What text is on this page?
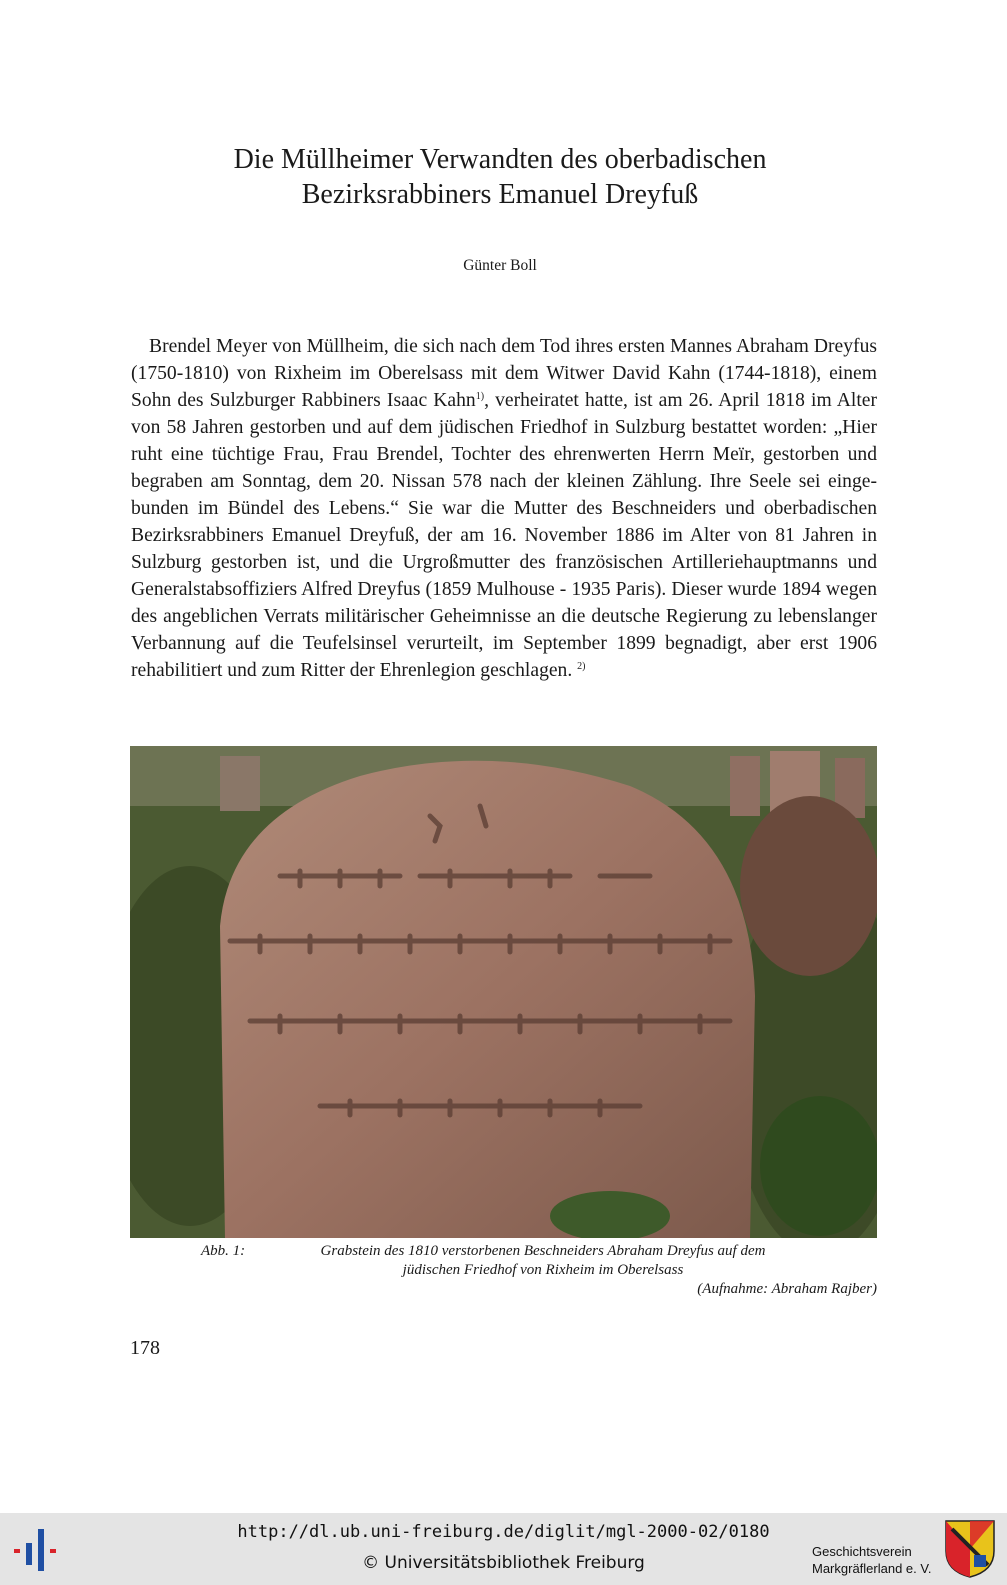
Die Müllheimer Verwandten des oberbadischen
Bezirksrabbiners Emanuel Dreyfuß
Günter Boll

Brendel Meyer von Müllheim, die sich nach dem Tod ihres ersten Mannes Abraham Dreyfus (1750-1810) von Rixheim im Oberelsass mit dem Witwer David Kahn (1744-1818), einem Sohn des Sulzburger Rabbiners Isaac Kahn$^{1)}$, verheiratet hatte, ist am 26. April 1818 im Alter von 58 Jahren gestorben und auf dem jüdischen Friedhof in Sulzburg bestattet worden: „Hier ruht eine tüchtige Frau, Frau Brendel, Tochter des ehrenwerten Herrn Meïr, gestorben und begraben am Sonntag, dem 20. Nissan 578 nach der kleinen Zählung. Ihre Seele sei eingebunden im Bündel des Lebens.“ Sie war die Mutter des Beschneiders und oberbadischen Bezirksrabbiners Emanuel Dreyfuß, der am 16. November 1886 im Alter von 81 Jahren in Sulzburg gestorben ist, und die Urgroßmutter des französischen Artilleriehauptmanns und Generalstabsoffiziers Alfred Dreyfus (1859 Mulhouse - 1935 Paris). Dieser wurde 1894 wegen des angeblichen Verrats militärischer Geheimnisse an die deutsche Regierung zu lebenslanger Verbannung auf die Teufelsinsel verurteilt, im September 1899 begnadigt, aber erst 1906 rehabilitiert und zum Ritter der Ehrenlegion geschlagen. $^{2)}$

Abb. 1:	Grabstein des 1810 verstorbenen Beschneiders Abraham Dreyfus auf dem
jüdischen Friedhof von Rixheim im Oberelsass
(Aufnahme: Abraham Rajber)
178
http://dl.ub.uni-freiburg.de/diglit/mgl-2000-02/0180
© Universitätsbibliothek Freiburg
Geschichtsverein
Markgräflerland e. V.
